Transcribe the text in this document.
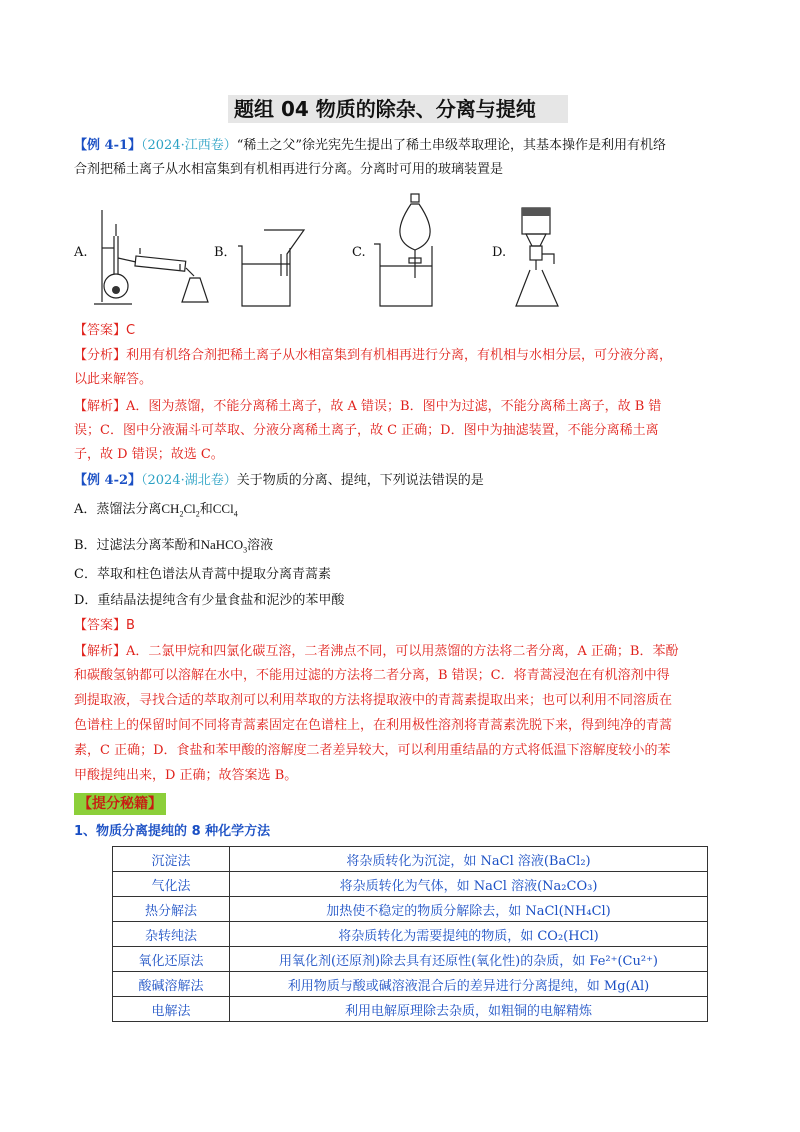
题组 04 物质的除杂、分离与提纯
【例 4-1】（2024·江西卷）“稀土之父”徐光宪先生提出了稀土串级萃取理论，其基本操作是利用有机络
合剂把稀土离子从水相富集到有机相再进行分离。分离时可用的玻璃装置是
A.	B．	C.	D.
【答案】C
【分析】利用有机络合剂把稀土离子从水相富集到有机相再进行分离，有机相与水相分层，可分液分离，
以此来解答。
【解析】A．图为蒸馏，不能分离稀土离子，故 A 错误；B．图中为过滤，不能分离稀土离子，故 B 错
误；C．图中分液漏斗可萃取、分液分离稀土离子，故 C 正确；D．图中为抽滤装置，不能分离稀土离
子，故 D 错误；故选 C。
【例 4-2】（2024·湖北卷）关于物质的分离、提纯，下列说法错误的是
A．蒸馏法分离$CH_2Cl_2$和CCl$_4$
B．过滤法分离苯酚和NaHCO$_3$溶液
C．萃取和柱色谱法从青蒿中提取分离青蒿素
D．重结晶法提纯含有少量食盐和泥沙的苯甲酸
【答案】B
【解析】A．二氯甲烷和四氯化碳互溶，二者沸点不同，可以用蒸馏的方法将二者分离，A 正确；B．苯酚
和碳酸氢钠都可以溶解在水中，不能用过滤的方法将二者分离，B 错误；C．将青蒿浸泡在有机溶剂中得
到提取液，寻找合适的萃取剂可以利用萃取的方法将提取液中的青蒿素提取出来；也可以利用不同溶质在
色谱柱上的保留时间不同将青蒿素固定在色谱柱上，在利用极性溶剂将青蒿素洗脱下来，得到纯净的青蒿
素，C 正确；D．食盐和苯甲酸的溶解度二者差异较大，可以利用重结晶的方式将低温下溶解度较小的苯
甲酸提纯出来，D 正确；故答案选 B。
【提分秘籍】
1、物质分离提纯的 8 种化学方法
沉淀法	将杂质转化为沉淀，如 NaCl 溶液(BaCl₂)
气化法	将杂质转化为气体，如 NaCl 溶液(Na₂CO₃)
热分解法	加热使不稳定的物质分解除去，如 NaCl(NH₄Cl)
杂转纯法	将杂质转化为需要提纯的物质，如 CO₂(HCl)
氧化还原法	用氧化剂(还原剂)除去具有还原性(氧化性)的杂质，如 Fe²⁺(Cu²⁺)
酸碱溶解法	利用物质与酸或碱溶液混合后的差异进行分离提纯，如 Mg(Al)
电解法	利用电解原理除去杂质，如粗铜的电解精炼
